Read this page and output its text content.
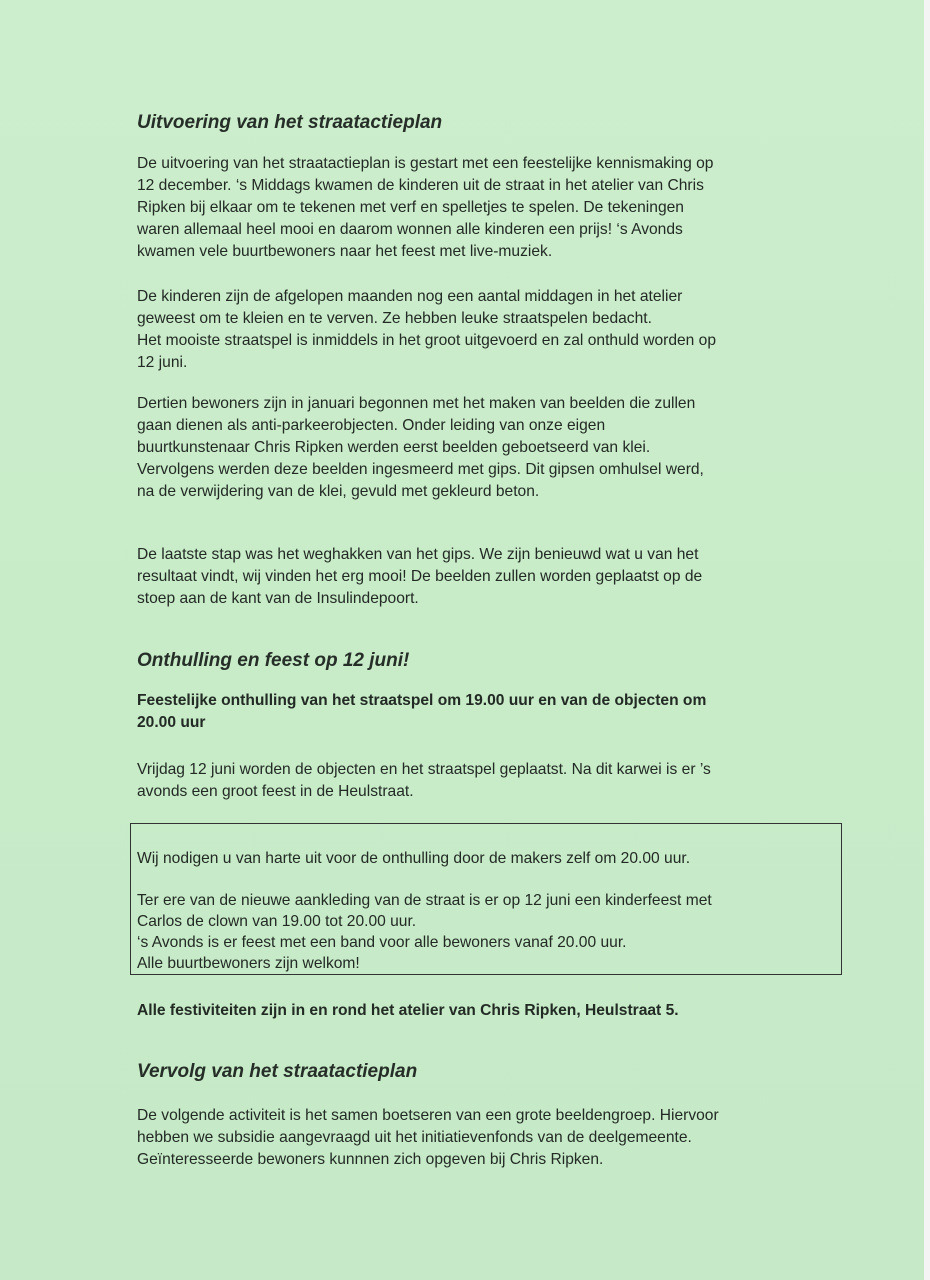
Uitvoering van het straatactieplan
De uitvoering van het straatactieplan is gestart met een feestelijke kennismaking op
12 december. ‘s Middags kwamen de kinderen uit de straat in het atelier van Chris
Ripken bij elkaar om te tekenen met verf en spelletjes te spelen. De tekeningen
waren allemaal heel mooi en daarom wonnen alle kinderen een prijs! ‘s Avonds
kwamen vele buurtbewoners naar het feest met live-muziek.
De kinderen zijn de afgelopen maanden nog een aantal middagen in het atelier
geweest om te kleien en te verven. Ze hebben leuke straatspelen bedacht.
Het mooiste straatspel is inmiddels in het groot uitgevoerd en zal onthuld worden op
12 juni.
Dertien bewoners zijn in januari begonnen met het maken van beelden die zullen
gaan dienen als anti-parkeerobjecten. Onder leiding van onze eigen
buurtkunstenaar Chris Ripken werden eerst beelden geboetseerd van klei.
Vervolgens werden deze beelden ingesmeerd met gips. Dit gipsen omhulsel werd,
na de verwijdering van de klei, gevuld met gekleurd beton.
De laatste stap was het weghakken van het gips. We zijn benieuwd wat u van het
resultaat vindt, wij vinden het erg mooi! De beelden zullen worden geplaatst op de
stoep aan de kant van de Insulindepoort.
Onthulling en feest op 12 juni!
Feestelijke onthulling van het straatspel om 19.00 uur en van de objecten om
20.00 uur
Vrijdag 12 juni worden de objecten en het straatspel geplaatst. Na dit karwei is er ’s
avonds een groot feest in de Heulstraat.
Alle festiviteiten zijn in en rond het atelier van Chris Ripken, Heulstraat 5.
Vervolg van het straatactieplan
De volgende activiteit is het samen boetseren van een grote beeldengroep. Hiervoor
hebben we subsidie aangevraagd uit het initiatievenfonds van de deelgemeente.
Geïnteresseerde bewoners kunnnen zich opgeven bij Chris Ripken.
Wij nodigen u van harte uit voor de onthulling door de makers zelf om 20.00 uur.
Ter ere van de nieuwe aankleding van de straat is er op 12 juni een kinderfeest met
Carlos de clown van 19.00 tot 20.00 uur.
‘s Avonds is er feest met een band voor alle bewoners vanaf 20.00 uur.
Alle buurtbewoners zijn welkom!
